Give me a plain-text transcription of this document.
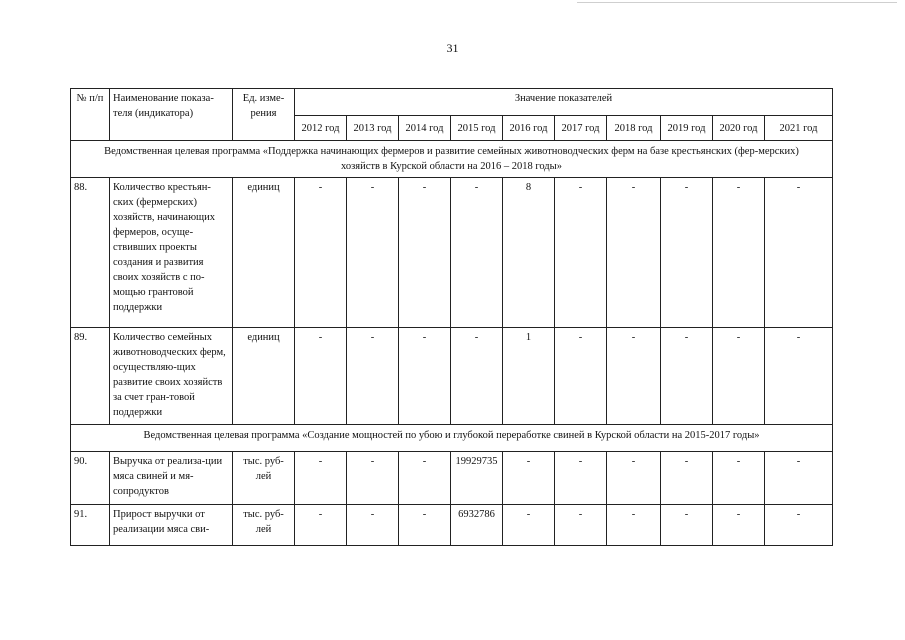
31
№ п/п	Наименование показа-теля (индикатора)	Ед. изме-рения	Значение показателей									
			2012 год	2013 год	2014 год	2015 год	2016 год	2017 год	2018 год	2019 год	2020 год	2021 год
Ведомственная целевая программа «Поддержка начинающих фермеров и развитие семейных животноводческих ферм на базе крестьянских (фер-мерских) хозяйств в Курской области на 2016 – 2018 годы»												
88.	Количество крестьян-ских (фермерских) хозяйств, начинающих фермеров, осуще-ствивших проекты создания и развития своих хозяйств с по-мощью грантовой поддержки	единиц	-	-	-	-	8	-	-	-	-	-
89.	Количество семейных животноводческих ферм, осуществляю-щих развитие своих хозяйств за счет гран-товой поддержки	единиц	-	-	-	-	1	-	-	-	-	-
Ведомственная целевая программа «Создание мощностей по убою и глубокой переработке свиней в Курской области на 2015-2017 годы»												
90.	Выручка от реализа-ции мяса свиней и мя-сопродуктов	тыс. руб-лей	-	-	-	19929735	-	-	-	-	-	-
91.	Прирост выручки от реализации мяса сви-	тыс. руб-лей	-	-	-	6932786	-	-	-	-	-	-
